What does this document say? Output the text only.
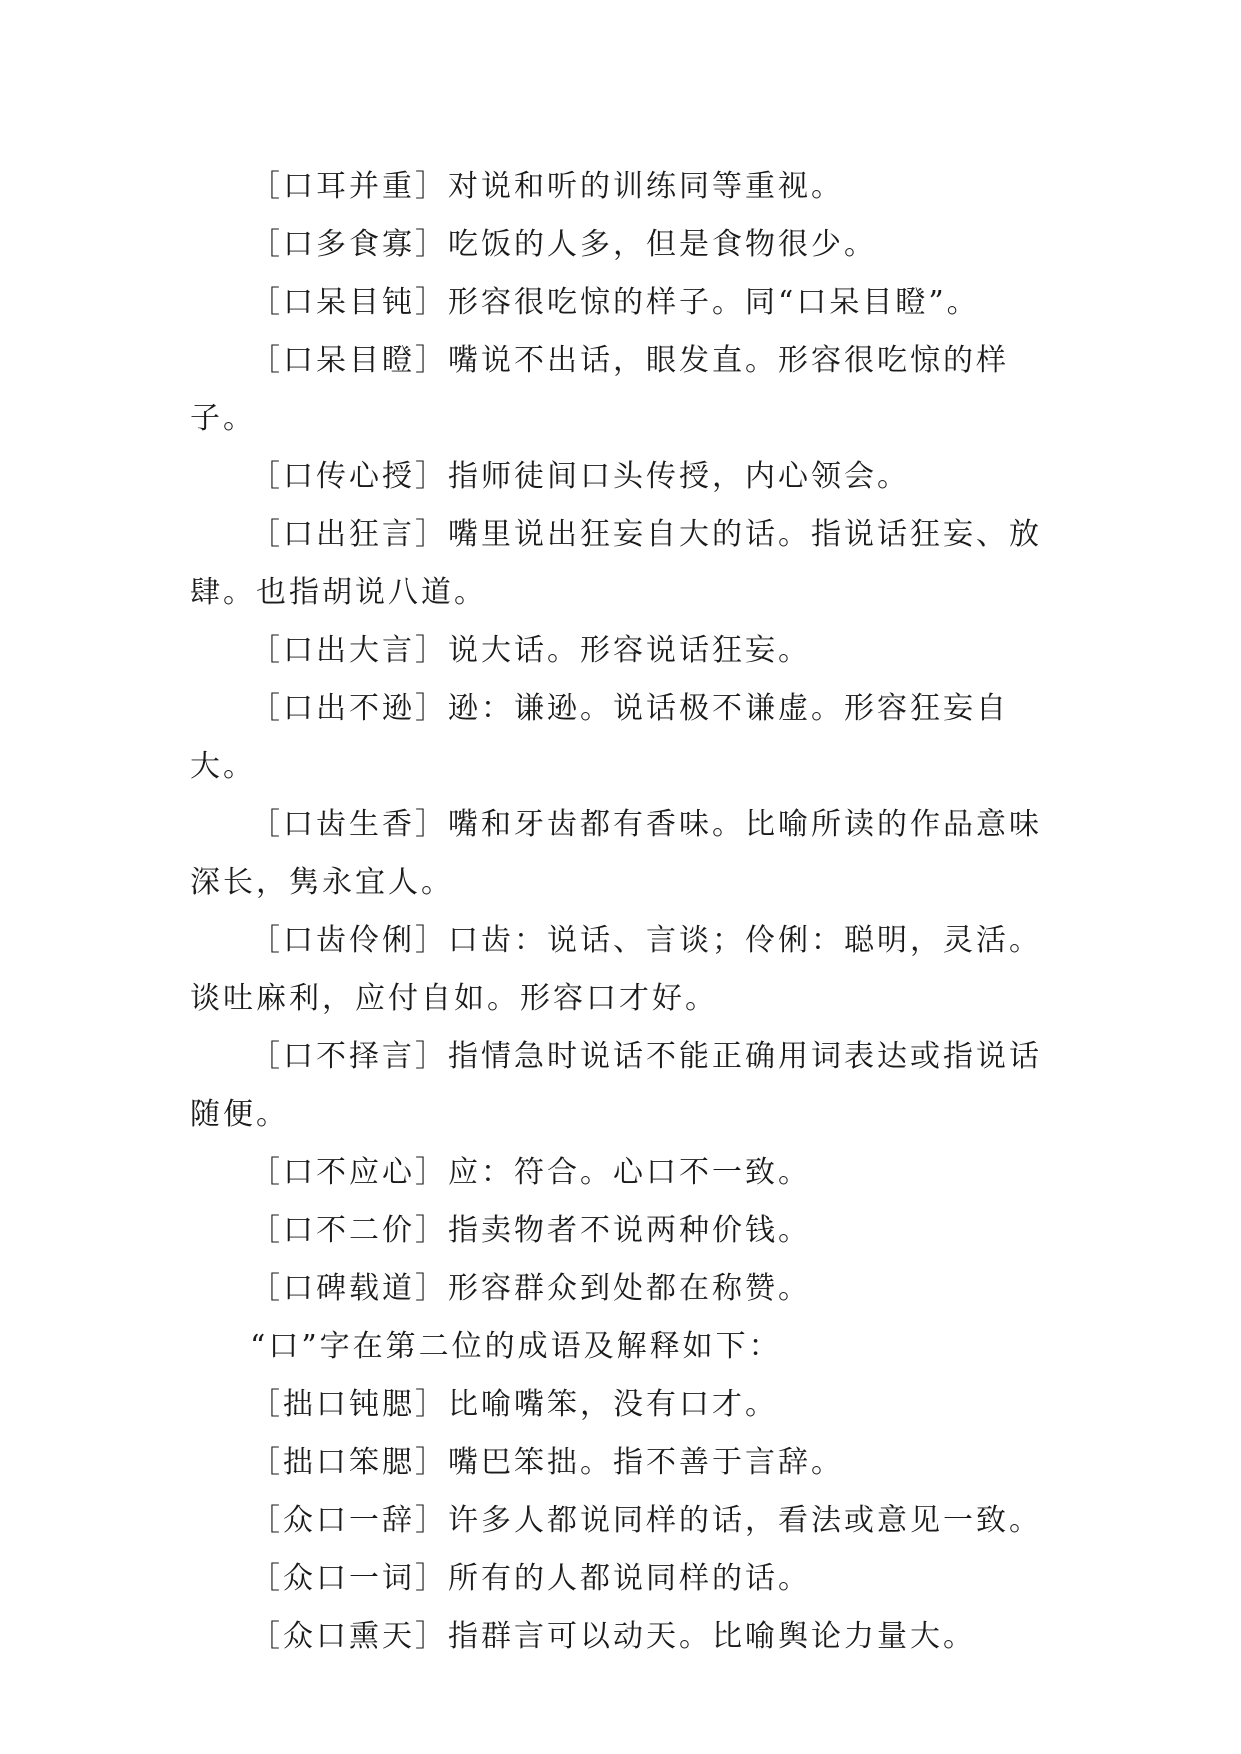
［口耳并重］对说和听的训练同等重视。

［口多食寡］吃饭的人多，但是食物很少。

［口呆目钝］形容很吃惊的样子。同“口呆目瞪”。

［口呆目瞪］嘴说不出话，眼发直。形容很吃惊的样子。

［口传心授］指师徒间口头传授，内心领会。

［口出狂言］嘴里说出狂妄自大的话。指说话狂妄、放肆。也指胡说八道。

［口出大言］说大话。形容说话狂妄。

［口出不逊］逊：谦逊。说话极不谦虚。形容狂妄自大。

［口齿生香］嘴和牙齿都有香味。比喻所读的作品意味深长，隽永宜人。

［口齿伶俐］口齿：说话、言谈；伶俐：聪明，灵活。谈吐麻利，应付自如。形容口才好。

［口不择言］指情急时说话不能正确用词表达或指说话随便。

［口不应心］应：符合。心口不一致。

［口不二价］指卖物者不说两种价钱。

［口碑载道］形容群众到处都在称赞。

“口”字在第二位的成语及解释如下：

［拙口钝腮］比喻嘴笨，没有口才。

［拙口笨腮］嘴巴笨拙。指不善于言辞。

［众口一辞］许多人都说同样的话，看法或意见一致。

［众口一词］所有的人都说同样的话。

［众口熏天］指群言可以动天。比喻舆论力量大。
